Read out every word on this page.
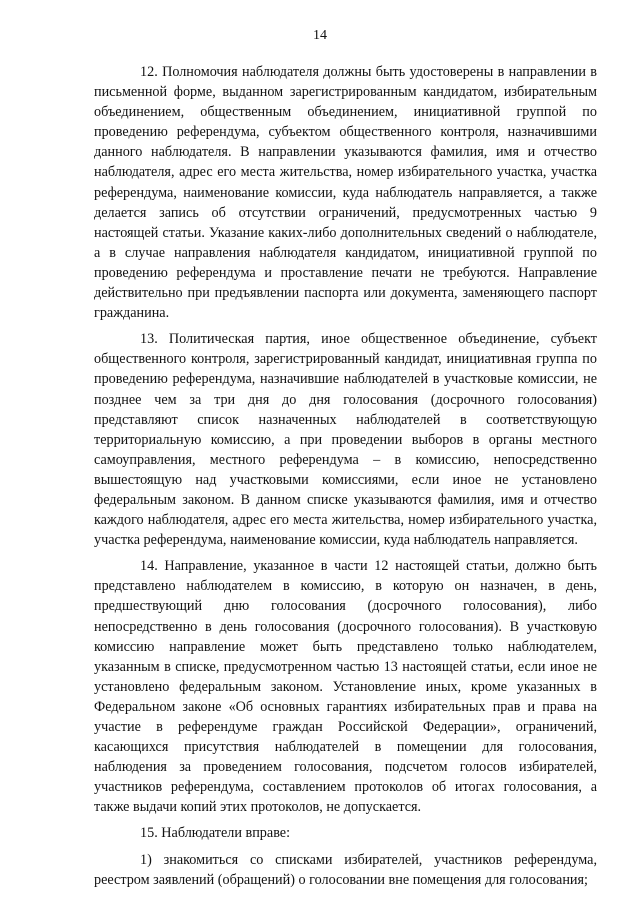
14

12. Полномочия наблюдателя должны быть удостоверены в направлении в письменной форме, выданном зарегистрированным кандидатом, избирательным объединением, общественным объединением, инициативной группой по проведению референдума, субъектом общественного контроля, назначившими данного наблюдателя. В направлении указываются фамилия, имя и отчество наблюдателя, адрес его места жительства, номер избирательного участка, участка референдума, наименование комиссии, куда наблюдатель направляется, а также делается запись об отсутствии ограничений, предусмотренных частью 9 настоящей статьи. Указание каких-либо дополнительных сведений о наблюдателе, а в случае направления наблюдателя кандидатом, инициативной группой по проведению референдума и проставление печати не требуются. Направление действительно при предъявлении паспорта или документа, заменяющего паспорт гражданина.

13. Политическая партия, иное общественное объединение, субъект общественного контроля, зарегистрированный кандидат, инициативная группа по проведению референдума, назначившие наблюдателей в участковые комиссии, не позднее чем за три дня до дня голосования (досрочного голосования) представляют список назначенных наблюдателей в соответствующую территориальную комиссию, а при проведении выборов в органы местного самоуправления, местного референдума – в комиссию, непосредственно вышестоящую над участковыми комиссиями, если иное не установлено федеральным законом. В данном списке указываются фамилия, имя и отчество каждого наблюдателя, адрес его места жительства, номер избирательного участка, участка референдума, наименование комиссии, куда наблюдатель направляется.

14. Направление, указанное в части 12 настоящей статьи, должно быть представлено наблюдателем в комиссию, в которую он назначен, в день, предшествующий дню голосования (досрочного голосования), либо непосредственно в день голосования (досрочного голосования). В участковую комиссию направление может быть представлено только наблюдателем, указанным в списке, предусмотренном частью 13 настоящей статьи, если иное не установлено федеральным законом. Установление иных, кроме указанных в Федеральном законе «Об основных гарантиях избирательных прав и права на участие в референдуме граждан Российской Федерации», ограничений, касающихся присутствия наблюдателей в помещении для голосования, наблюдения за проведением голосования, подсчетом голосов избирателей, участников референдума, составлением протоколов об итогах голосования, а также выдачи копий этих протоколов, не допускается.

15. Наблюдатели вправе:

1) знакомиться со списками избирателей, участников референдума, реестром заявлений (обращений) о голосовании вне помещения для голосования;
